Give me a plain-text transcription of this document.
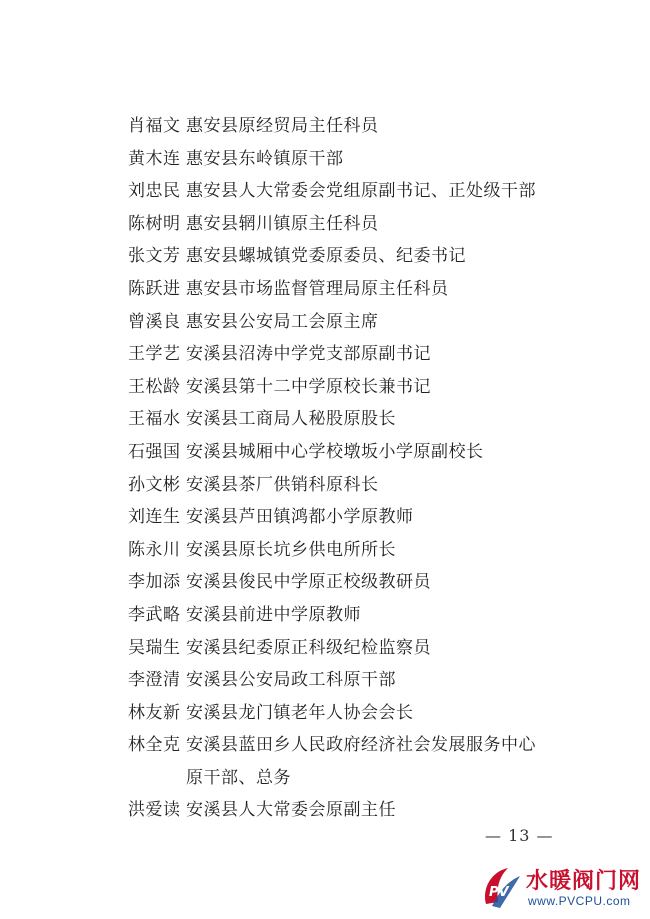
肖福文 惠安县原经贸局主任科员
黄木连 惠安县东岭镇原干部
刘忠民 惠安县人大常委会党组原副书记、正处级干部
陈树明 惠安县辋川镇原主任科员
张文芳 惠安县螺城镇党委原委员、纪委书记
陈跃进 惠安县市场监督管理局原主任科员
曾溪良 惠安县公安局工会原主席
王学艺 安溪县沼涛中学党支部原副书记
王松龄 安溪县第十二中学原校长兼书记
王福水 安溪县工商局人秘股原股长
石强国 安溪县城厢中心学校墩坂小学原副校长
孙文彬 安溪县茶厂供销科原科长
刘连生 安溪县芦田镇鸿都小学原教师
陈永川 安溪县原长坑乡供电所所长
李加添 安溪县俊民中学原正校级教研员
李武略 安溪县前进中学原教师
吴瑞生 安溪县纪委原正科级纪检监察员
李澄清 安溪县公安局政工科原干部
林友新 安溪县龙门镇老年人协会会长
林全克 安溪县蓝田乡人民政府经济社会发展服务中心
原干部、总务
洪爱读 安溪县人大常委会原副主任
— 13 —
PV 水暖阀门网
www.PVCPU.com
